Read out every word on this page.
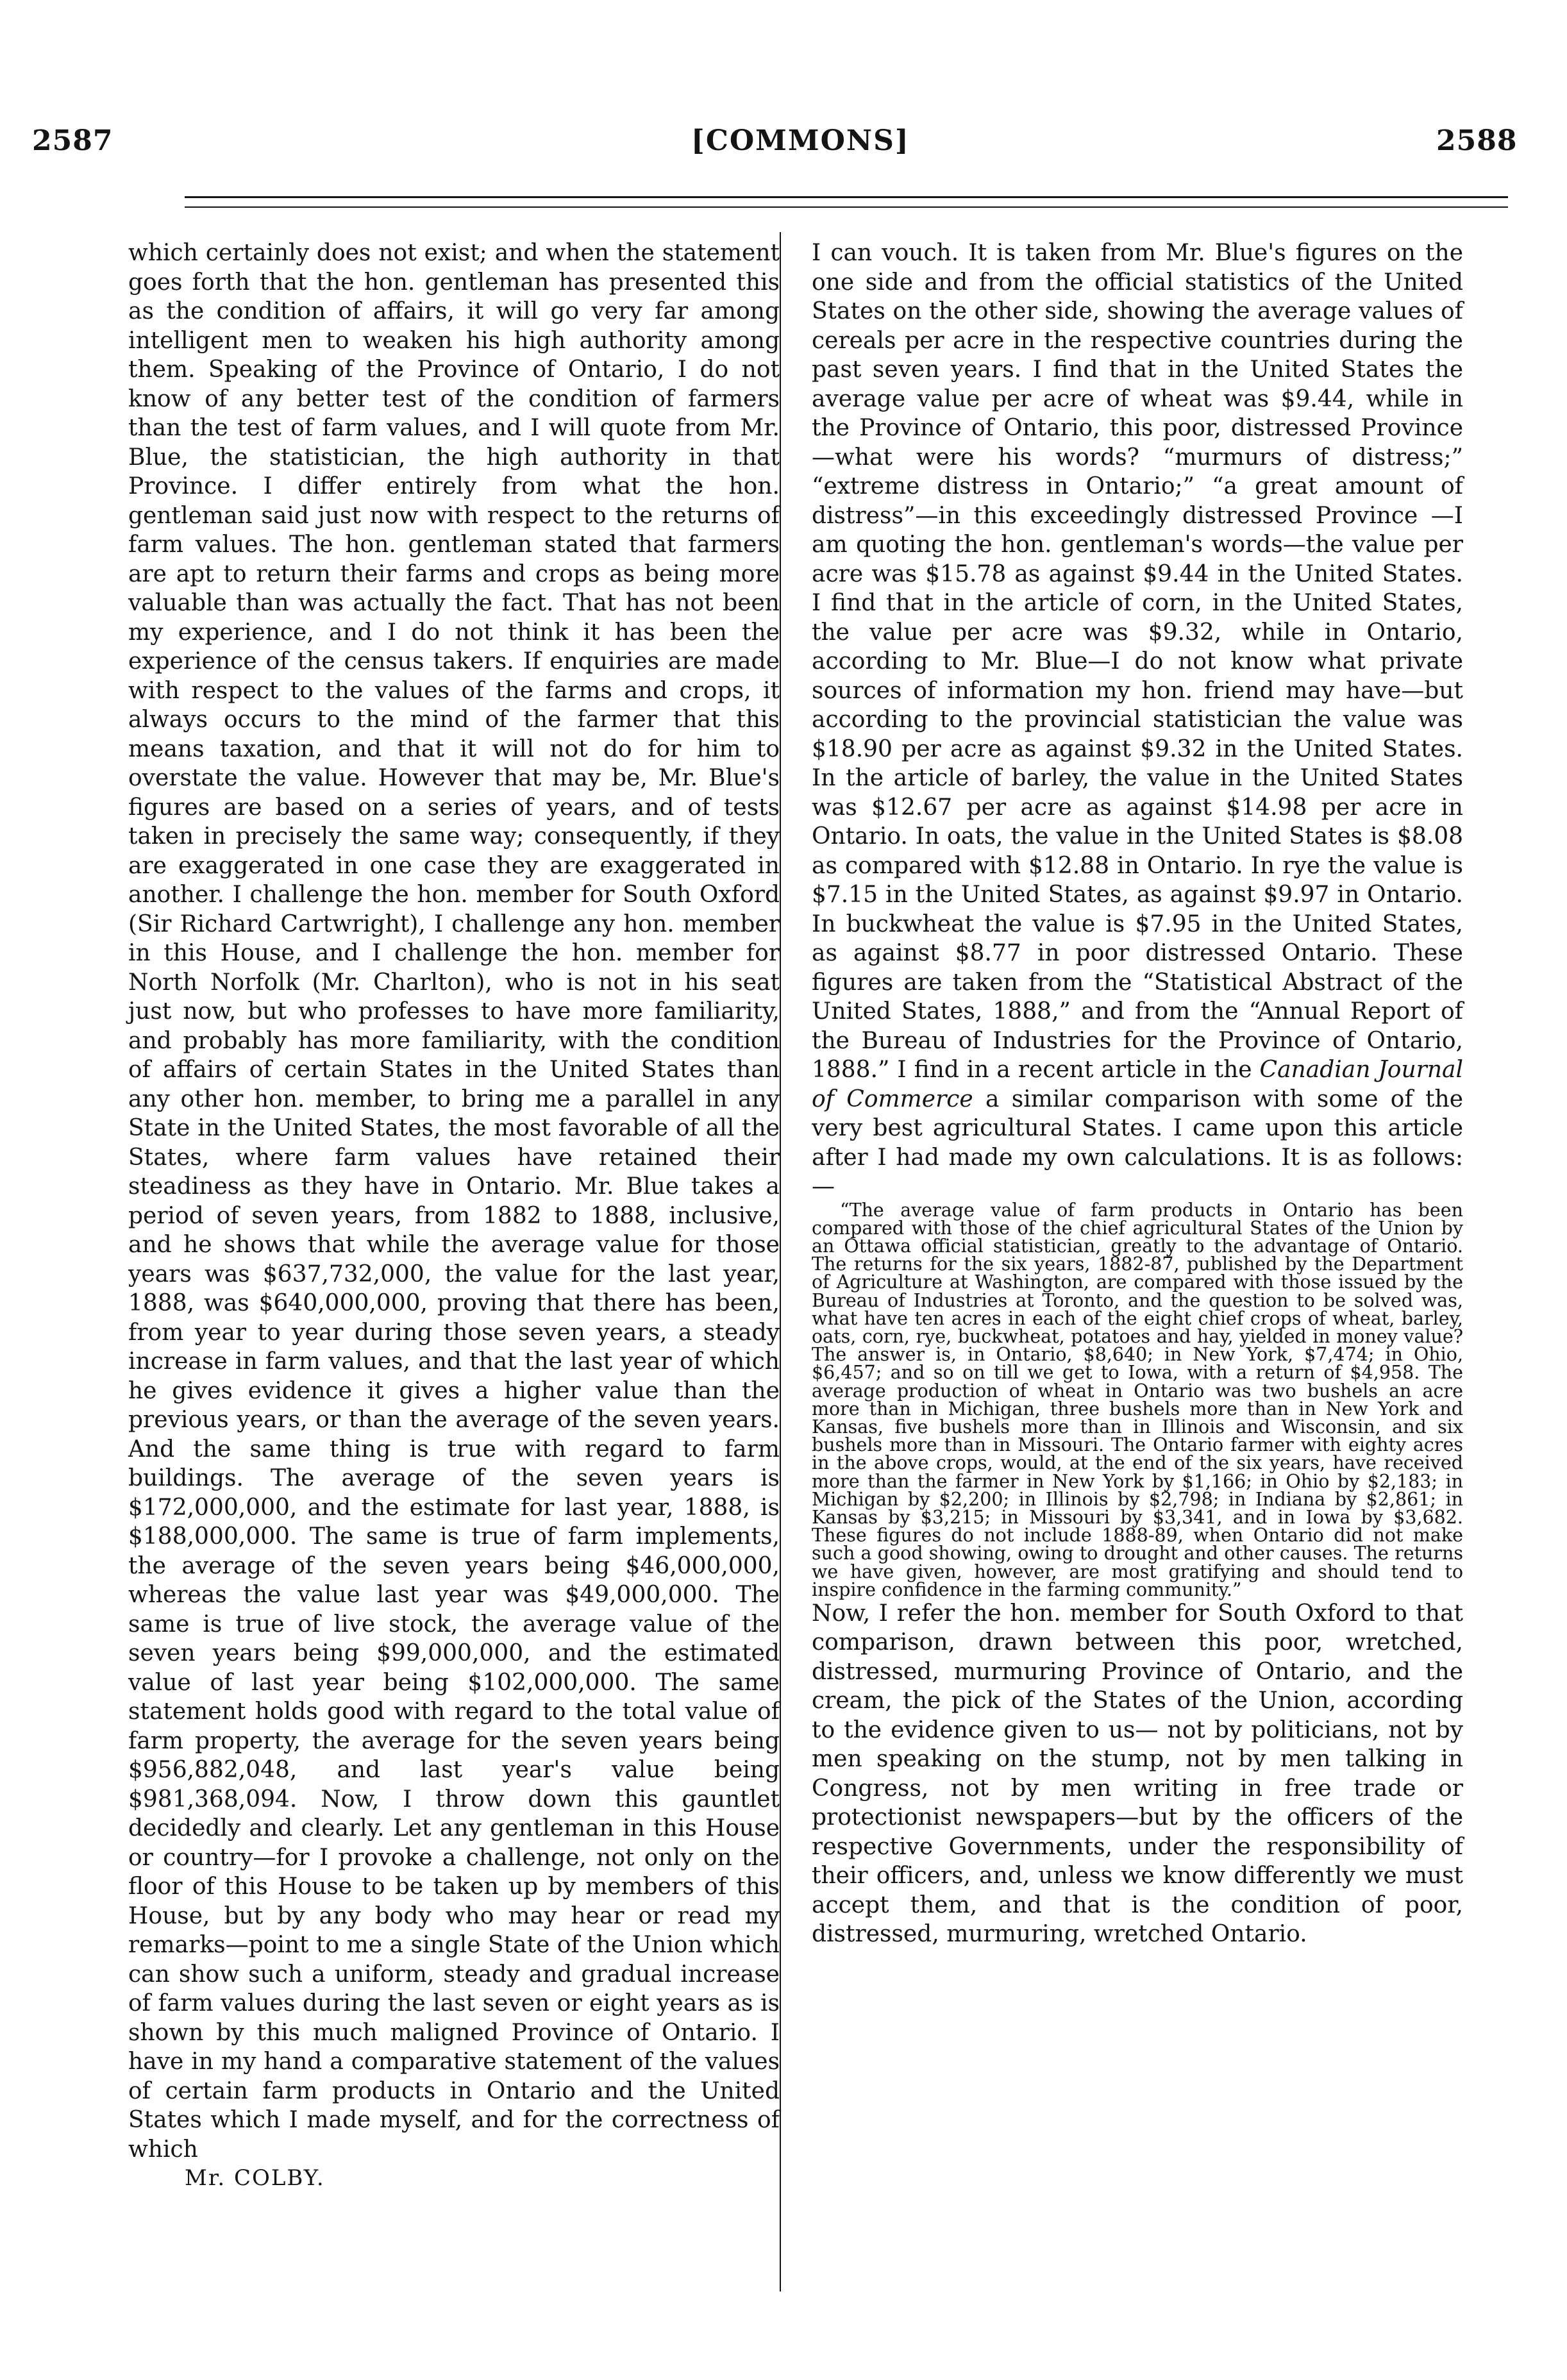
2587	[COMMONS]	2588

which certainly does not exist; and when the statement goes forth that the hon. gentleman has presented this as the condition of affairs, it will go very far among intelligent men to weaken his high authority among them. Speaking of the Province of Ontario, I do not know of any better test of the condition of farmers than the test of farm values, and I will quote from Mr. Blue, the statistician, the high authority in that Province. I differ entirely from what the hon. gentleman said just now with respect to the returns of farm values. The hon. gentleman stated that farmers are apt to return their farms and crops as being more valuable than was actually the fact. That has not been my experience, and I do not think it has been the experience of the census takers. If enquiries are made with respect to the values of the farms and crops, it always occurs to the mind of the farmer that this means taxation, and that it will not do for him to overstate the value. However that may be, Mr. Blue's figures are based on a series of years, and of tests taken in precisely the same way; consequently, if they are exaggerated in one case they are exaggerated in another. I challenge the hon. member for South Oxford (Sir Richard Cartwright), I challenge any hon. member in this House, and I challenge the hon. member for North Norfolk (Mr. Charlton), who is not in his seat just now, but who professes to have more familiarity, and probably has more familiarity, with the condition of affairs of certain States in the United States than any other hon. member, to bring me a parallel in any State in the United States, the most favorable of all the States, where farm values have retained their steadiness as they have in Ontario. Mr. Blue takes a period of seven years, from 1882 to 1888, inclusive, and he shows that while the average value for those years was $637,732,000, the value for the last year, 1888, was $640,000,000, proving that there has been, from year to year during those seven years, a steady increase in farm values, and that the last year of which he gives evidence it gives a higher value than the previous years, or than the average of the seven years. And the same thing is true with regard to farm buildings. The average of the seven years is $172,000,000, and the estimate for last year, 1888, is $188,000,000. The same is true of farm implements, the average of the seven years being $46,000,000, whereas the value last year was $49,000,000. The same is true of live stock, the average value of the seven years being $99,000,000, and the estimated value of last year being $102,000,000. The same statement holds good with regard to the total value of farm property, the average for the seven years being $956,882,048, and last year's value being $981,368,094. Now, I throw down this gauntlet decidedly and clearly. Let any gentleman in this House or country—for I provoke a challenge, not only on the floor of this House to be taken up by members of this House, but by any body who may hear or read my remarks—point to me a single State of the Union which can show such a uniform, steady and gradual increase of farm values during the last seven or eight years as is shown by this much maligned Province of Ontario. I have in my hand a comparative statement of the values of certain farm products in Ontario and the United States which I made myself, and for the correctness of which

Mr. COLBY.

I can vouch. It is taken from Mr. Blue's figures on the one side and from the official statistics of the United States on the other side, showing the average values of cereals per acre in the respective countries during the past seven years. I find that in the United States the average value per acre of wheat was $9.44, while in the Province of Ontario, this poor, distressed Province —what were his words? “murmurs of distress;” “extreme distress in Ontario;” “a great amount of distress”—in this exceedingly distressed Province —I am quoting the hon. gentleman's words—the value per acre was $15.78 as against $9.44 in the United States. I find that in the article of corn, in the United States, the value per acre was $9.32, while in Ontario, according to Mr. Blue—I do not know what private sources of information my hon. friend may have—but according to the provincial statistician the value was $18.90 per acre as against $9.32 in the United States. In the article of barley, the value in the United States was $12.67 per acre as against $14.98 per acre in Ontario. In oats, the value in the United States is $8.08 as compared with $12.88 in Ontario. In rye the value is $7.15 in the United States, as against $9.97 in Ontario. In buckwheat the value is $7.95 in the United States, as against $8.77 in poor distressed Ontario. These figures are taken from the “Statistical Abstract of the United States, 1888,” and from the “Annual Report of the Bureau of Industries for the Province of Ontario, 1888.” I find in a recent article in the Canadian Journal of Commerce a similar comparison with some of the very best agricultural States. I came upon this article after I had made my own calculations. It is as follows:—

“The average value of farm products in Ontario has been compared with those of the chief agricultural States of the Union by an Ottawa official statistician, greatly to the advantage of Ontario. The returns for the six years, 1882-87, published by the Department of Agriculture at Washington, are compared with those issued by the Bureau of Industries at Toronto, and the question to be solved was, what have ten acres in each of the eight chief crops of wheat, barley, oats, corn, rye, buckwheat, potatoes and hay, yielded in money value? The answer is, in Ontario, $8,640; in New York, $7,474; in Ohio, $6,457; and so on till we get to Iowa, with a return of $4,958. The average production of wheat in Ontario was two bushels an acre more than in Michigan, three bushels more than in New York and Kansas, five bushels more than in Illinois and Wisconsin, and six bushels more than in Missouri. The Ontario farmer with eighty acres in the above crops, would, at the end of the six years, have received more than the farmer in New York by $1,166; in Ohio by $2,183; in Michigan by $2,200; in Illinois by $2,798; in Indiana by $2,861; in Kansas by $3,215; in Missouri by $3,341, and in Iowa by $3,682. These figures do not include 1888-89, when Ontario did not make such a good showing, owing to drought and other causes. The returns we have given, however, are most gratifying and should tend to inspire confidence in the farming community.”

Now, I refer the hon. member for South Oxford to that comparison, drawn between this poor, wretched, distressed, murmuring Province of Ontario, and the cream, the pick of the States of the Union, according to the evidence given to us— not by politicians, not by men speaking on the stump, not by men talking in Congress, not by men writing in free trade or protectionist newspapers—but by the officers of the respective Governments, under the responsibility of their officers, and, unless we know differently we must accept them, and that is the condition of poor, distressed, murmuring, wretched Ontario.
